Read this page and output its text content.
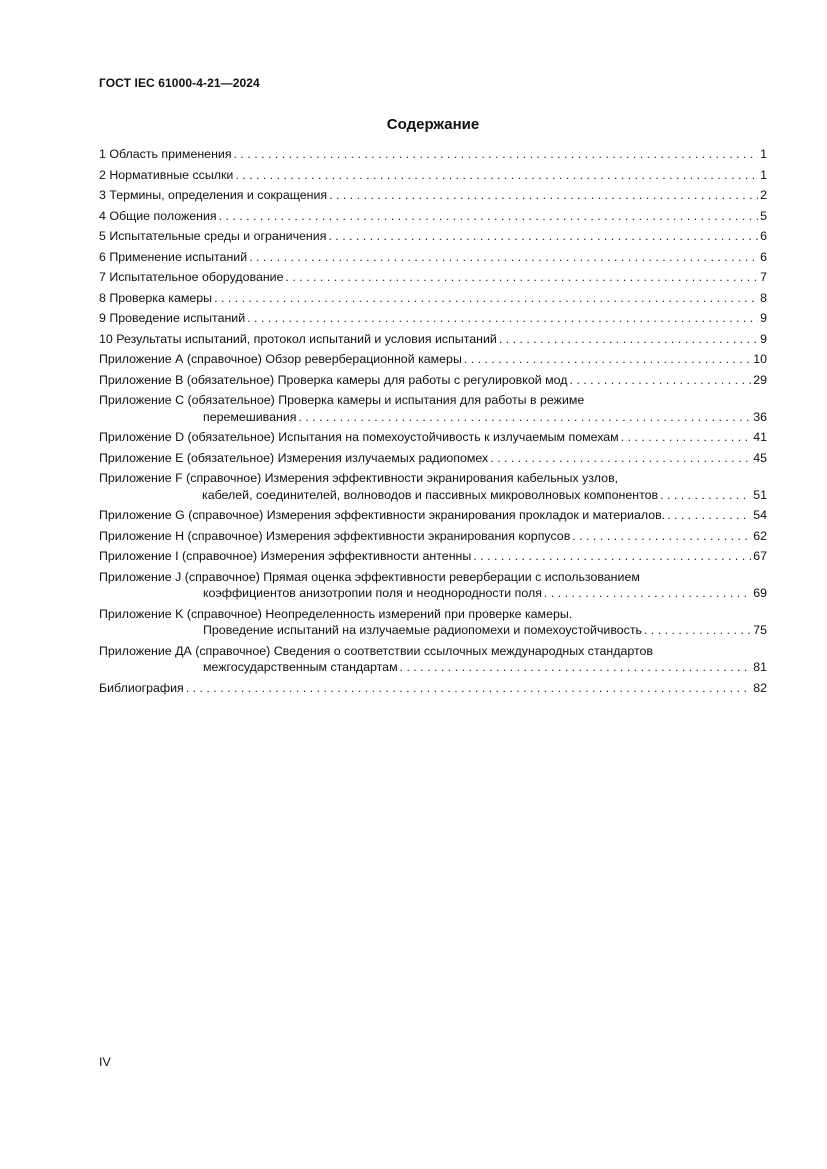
ГОСТ IEC 61000-4-21—2024
Содержание
1 Область применения . . .	1
2 Нормативные ссылки . . .	1
3 Термины, определения и сокращения . . .	2
4 Общие положения . . .	5
5 Испытательные среды и ограничения . . .	6
6 Применение испытаний . . .	6
7 Испытательное оборудование . . .	7
8 Проверка камеры . . .	8
9 Проведение испытаний . . .	9
10 Результаты испытаний, протокол испытаний и условия испытаний . . .	9
Приложение А (справочное) Обзор реверберационной камеры . . .	10
Приложение В (обязательное) Проверка камеры для работы с регулировкой мод . . .	29
Приложение С (обязательное) Проверка камеры и испытания для работы в режиме
перемешивания . . .	36
Приложение D (обязательное) Испытания на помехоустойчивость к излучаемым помехам . . .	41
Приложение Е (обязательное) Измерения излучаемых радиопомех . . .	45
Приложение F (справочное) Измерения эффективности экранирования кабельных узлов,
кабелей, соединителей, волноводов и пассивных микроволновых компонентов . . .	51
Приложение G (справочное) Измерения эффективности экранирования прокладок и материалов. . . .	54
Приложение Н (справочное) Измерения эффективности экранирования корпусов . . .	62
Приложение I (справочное) Измерения эффективности антенны . . .	67
Приложение J (справочное) Прямая оценка эффективности реверберации с использованием
коэффициентов анизотропии поля и неоднородности поля . . .	69
Приложение K (справочное) Неопределенность измерений при проверке камеры.
Проведение испытаний на излучаемые радиопомехи и помехоустойчивость . . .	75
Приложение ДА (справочное) Сведения о соответствии ссылочных международных стандартов
межгосударственным стандартам . . .	81
Библиография . . .	82
IV
